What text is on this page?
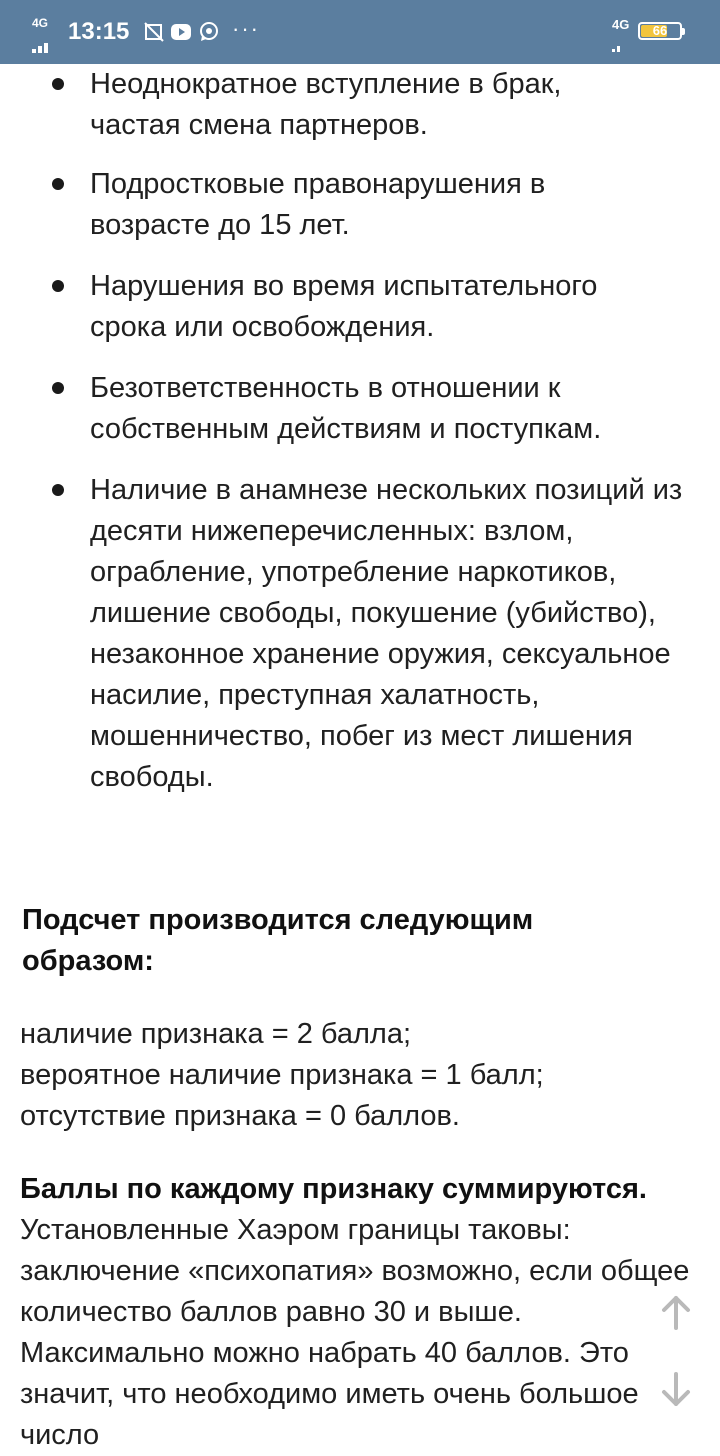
4G 13:15	···	4G	66
Неоднократное вступление в брак, частая смена партнеров.
Подростковые правонарушения в возрасте до 15 лет.
Нарушения во время испытательного срока или освобождения.
Безответственность в отношении к собственным действиям и поступкам.
Наличие в анамнезе нескольких позиций из десяти нижеперечисленных: взлом, ограбление, употребление наркотиков, лишение свободы, покушение (убийство), незаконное хранение оружия, сексуальное насилие, преступная халатность, мошенничество, побег из мест лишения свободы.
Подсчет производится следующим образом:
наличие признака = 2 балла;
вероятное наличие признака = 1 балл;
отсутствие признака = 0 баллов.
Баллы по каждому признаку суммируются. Установленные Хаэром границы таковы: заключение «психопатия» возможно, если общее количество баллов равно 30 и выше. Максимально можно набрать 40 баллов. Это значит, что необходимо иметь очень большое число
